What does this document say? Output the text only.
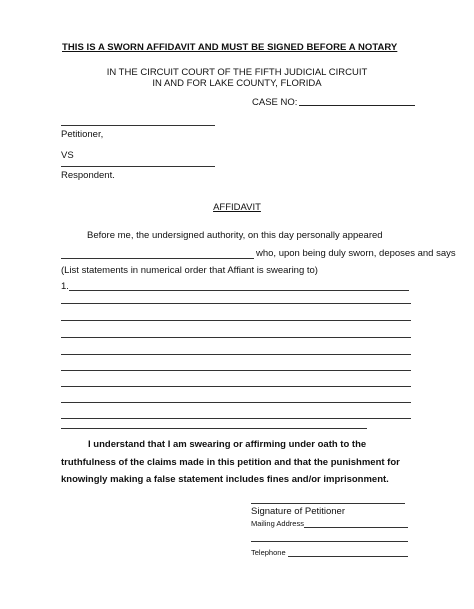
THIS IS A SWORN AFFIDAVIT AND MUST BE SIGNED BEFORE A NOTARY
IN THE CIRCUIT COURT OF THE FIFTH JUDICIAL CIRCUIT
IN AND FOR LAKE COUNTY, FLORIDA
CASE NO:
Petitioner,
VS
Respondent.
AFFIDAVIT
Before me, the undersigned authority, on this day personally appeared
who, upon being duly sworn, deposes and says
(List statements in numerical order that Affiant is swearing to)
1.
I understand that I am swearing or affirming under oath to the truthfulness of the claims made in this petition and that the punishment for knowingly making a false statement includes fines and/or imprisonment.
Signature of Petitioner
Mailing Address
Telephone
